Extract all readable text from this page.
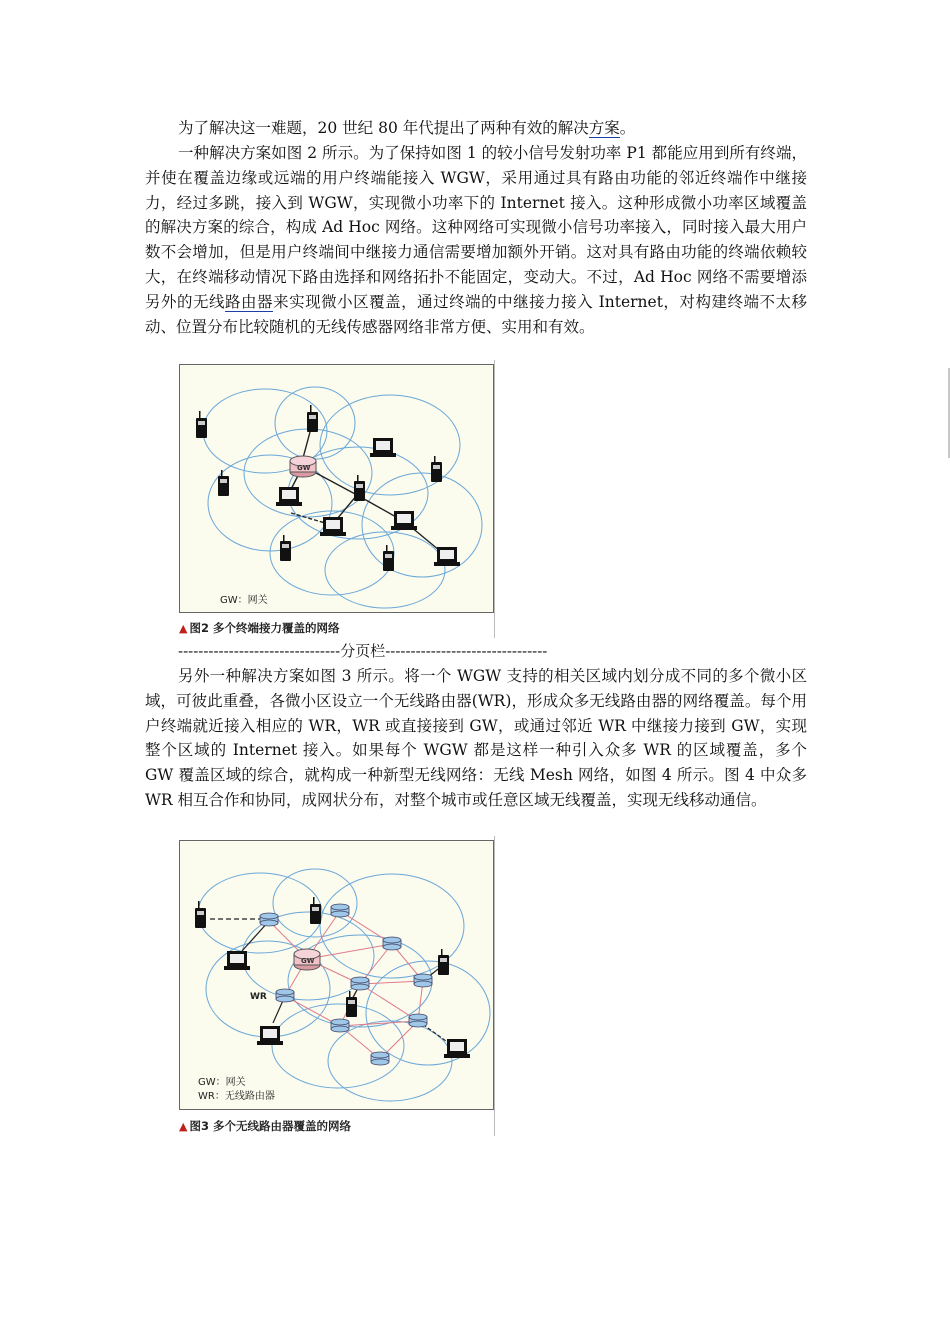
为了解决这一难题，20 世纪 80 年代提出了两种有效的解决方案。

一种解决方案如图 2 所示。为了保持如图 1 的较小信号发射功率 P1 都能应用到所有终端，并使在覆盖边缘或远端的用户终端能接入 WGW，采用通过具有路由功能的邻近终端作中继接力，经过多跳，接入到 WGW，实现微小功率下的 Internet 接入。这种形成微小功率区域覆盖的解决方案的综合，构成 Ad Hoc 网络。这种网络可实现微小信号功率接入，同时接入最大用户数不会增加，但是用户终端间中继接力通信需要增加额外开销。这对具有路由功能的终端依赖较大，在终端移动情况下路由选择和网络拓扑不能固定，变动大。不过，Ad Hoc 网络不需要增添另外的无线路由器来实现微小区覆盖，通过终端的中继接力接入 Internet，对构建终端不太移动、位置分布比较随机的无线传感器网络非常方便、实用和有效。

GW
GW：网关
▲ 图2 多个终端接力覆盖的网络
--------------------------------分页栏--------------------------------

另外一种解决方案如图 3 所示。将一个 WGW 支持的相关区域内划分成不同的多个微小区域，可彼此重叠，各微小区设立一个无线路由器(WR)，形成众多无线路由器的网络覆盖。每个用户终端就近接入相应的 WR，WR 或直接接到 GW，或通过邻近 WR 中继接力接到 GW，实现整个区域的 Internet 接入。如果每个 WGW 都是这样一种引入众多 WR 的区域覆盖，多个 GW 覆盖区域的综合，就构成一种新型无线网络：无线 Mesh 网络，如图 4 所示。图 4 中众多 WR 相互合作和协同，成网状分布，对整个城市或任意区域无线覆盖，实现无线移动通信。

GW
WR
GW：网关
WR：无线路由器
▲ 图3 多个无线路由器覆盖的网络
